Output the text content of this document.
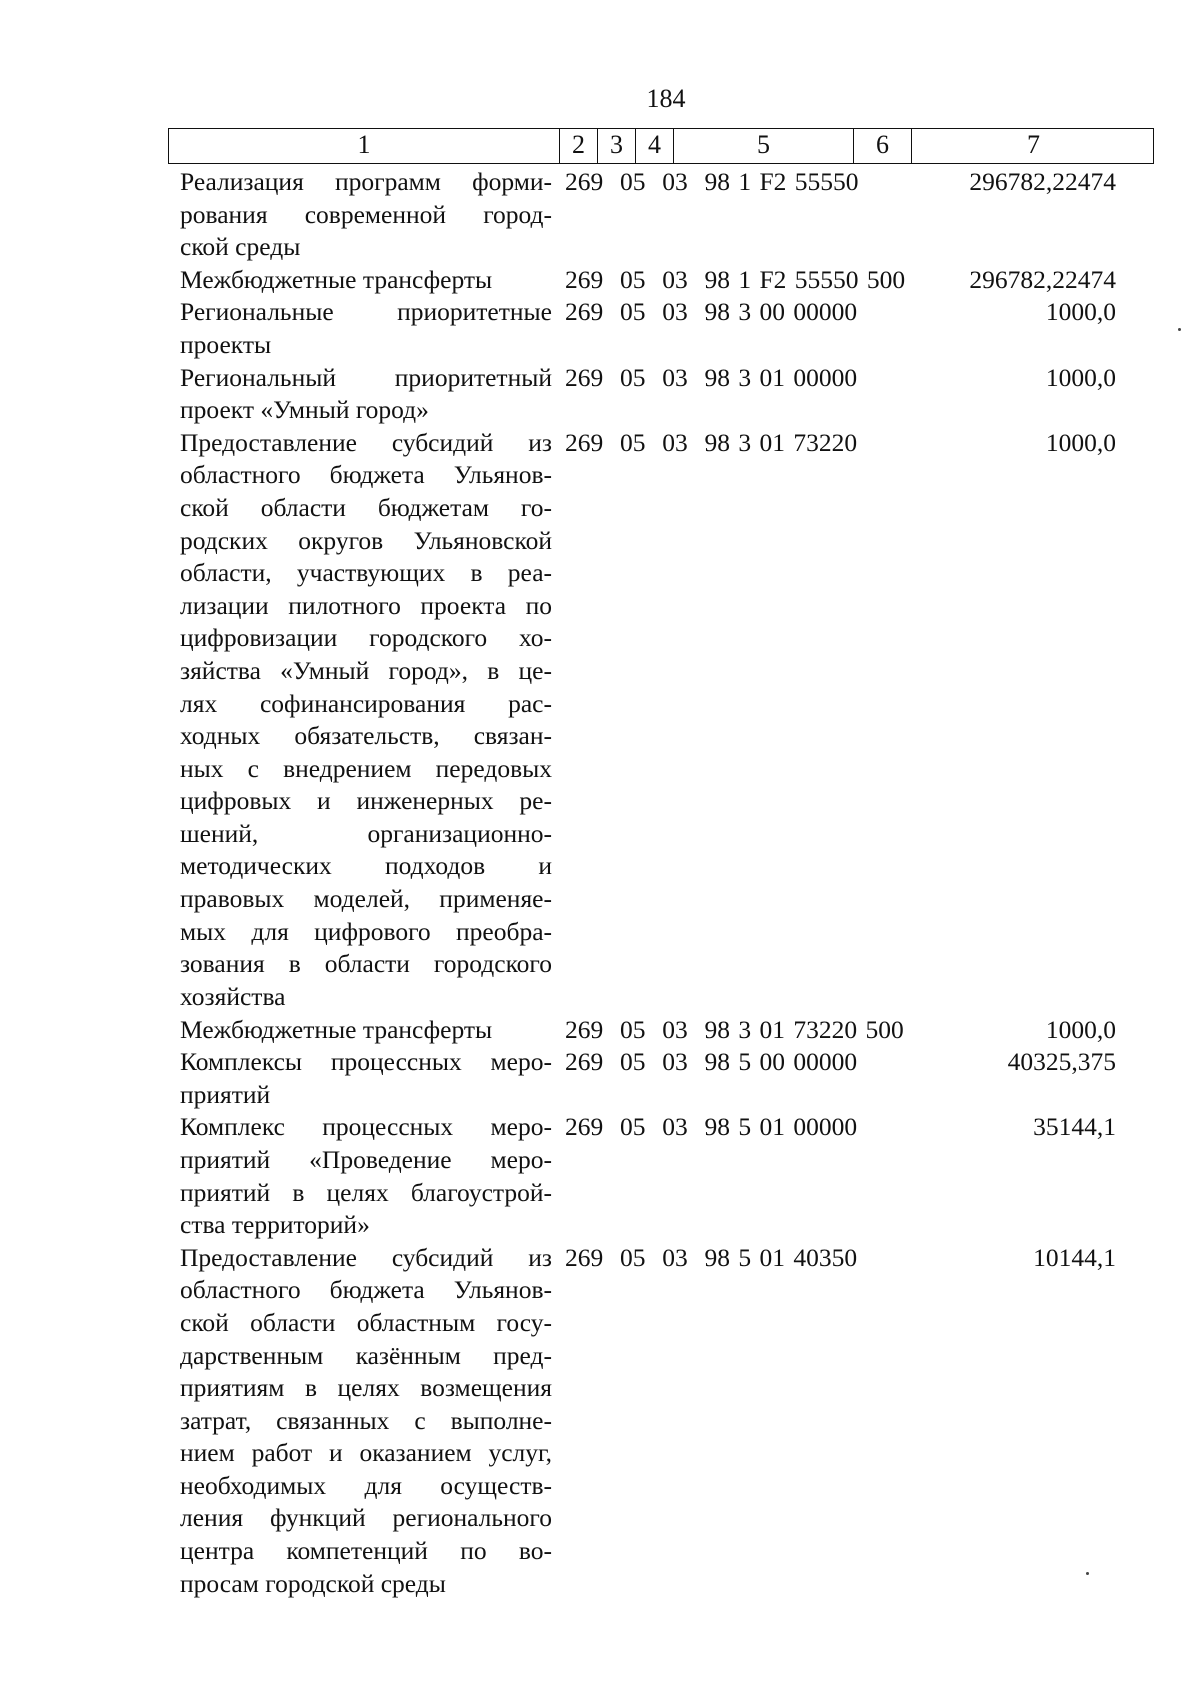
184
1	2 3 4	5	6	7
Реализация программ форми-
рования современной город-
ской среды
269  05  03  98 1 F2 55550	296782,22474
Межбюджетные трансферты	269  05  03  98 1 F2 55550 500	296782,22474
Региональные приоритетные
проекты
269  05  03  98 3 00 00000	1000,0
Региональный приоритетный
проект «Умный город»
269  05  03  98 3 01 00000	1000,0
Предоставление субсидий из
областного бюджета Ульянов-
ской области бюджетам го-
родских округов Ульяновской
области, участвующих в реа-
лизации пилотного проекта по
цифровизации городского хо-
зяйства «Умный город», в це-
лях софинансирования рас-
ходных обязательств, связан-
ных с внедрением передовых
цифровых и инженерных ре-
шений, организационно-
методических подходов и
правовых моделей, применяе-
мых для цифрового преобра-
зования в области городского
хозяйства
269  05  03  98 3 01 73220	1000,0
Межбюджетные трансферты	269  05  03  98 3 01 73220 500	1000,0
Комплексы процессных меро-
приятий
269  05  03  98 5 00 00000	40325,375
Комплекс процессных меро-
приятий «Проведение меро-
приятий в целях благоустрой-
ства территорий»
269  05  03  98 5 01 00000	35144,1
Предоставление субсидий из
областного бюджета Ульянов-
ской области областным госу-
дарственным казённым пред-
приятиям в целях возмещения
затрат, связанных с выполне-
нием работ и оказанием услуг,
необходимых для осуществ-
ления функций регионального
центра компетенций по во-
просам городской среды
269  05  03  98 5 01 40350	10144,1
